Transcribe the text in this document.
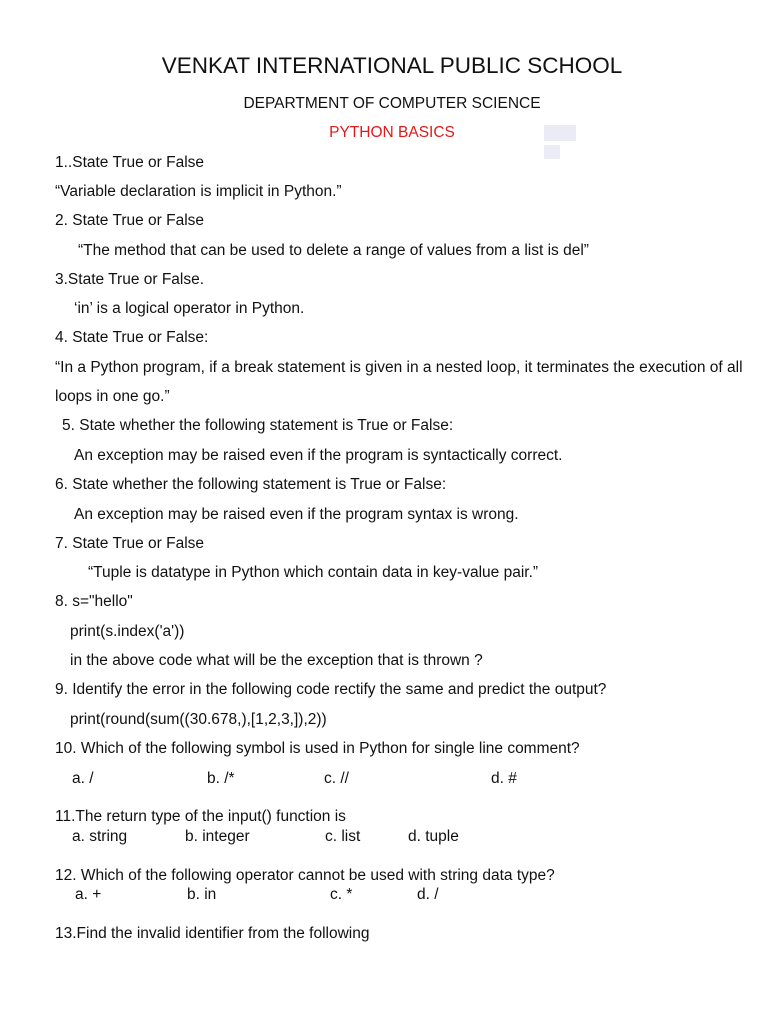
VENKAT INTERNATIONAL PUBLIC SCHOOL
DEPARTMENT OF COMPUTER SCIENCE
PYTHON BASICS
1..State True or False
“Variable declaration is implicit in Python.”
2. State True or False
“The method that can be used to delete a range of values from a list is del”
3.State True or False.
‘in’ is a logical operator in Python.
4. State True or False:
“In a Python program, if a break statement is given in a nested loop, it terminates the execution of all
loops in one go.”
5. State whether the following statement is True or False:
An exception may be raised even if the program is syntactically correct.
6. State whether the following statement is True or False:
An exception may be raised even if the program syntax is wrong.
7. State True or False
“Tuple is datatype in Python which contain data in key-value pair.”
8. s="hello"
print(s.index('a'))
in the above code what will be the exception that is thrown ?
9. Identify the error in the following code rectify the same and predict the output?
print(round(sum((30.678,),[1,2,3,]),2))
10. Which of the following symbol is used in Python for single line comment?
a. /	b. /*	c. //	d. #
11.The return type of the input() function is
a. string	b. integer	c. list	d. tuple
12. Which of the following operator cannot be used with string data type?
a. +	b. in	c. *	d. /
13.Find the invalid identifier from the following
